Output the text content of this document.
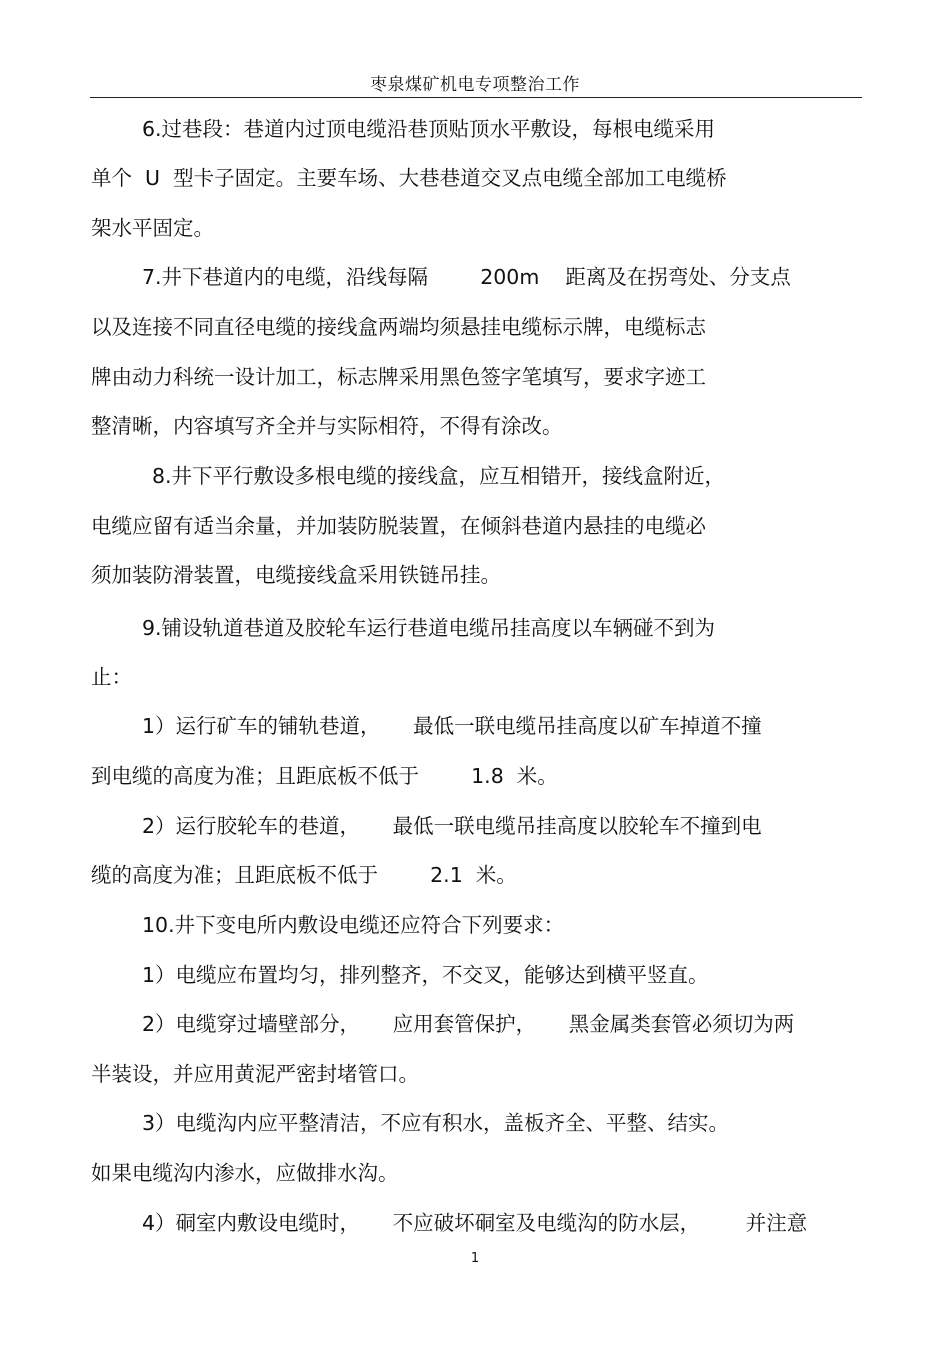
枣泉煤矿机电专项整治工作
6.过巷段：巷道内过顶电缆沿巷顶贴顶水平敷设，每根电缆采用
单个  U  型卡子固定。主要车场、大巷巷道交叉点电缆全部加工电缆桥
架水平固定。
7.井下巷道内的电缆，沿线每隔        200m    距离及在拐弯处、分支点
以及连接不同直径电缆的接线盒两端均须悬挂电缆标示牌，电缆标志
牌由动力科统一设计加工，标志牌采用黑色签字笔填写，要求字迹工
整清晰，内容填写齐全并与实际相符，不得有涂改。
8.井下平行敷设多根电缆的接线盒，应互相错开，接线盒附近，
电缆应留有适当余量，并加装防脱装置，在倾斜巷道内悬挂的电缆必
须加装防滑装置，电缆接线盒采用铁链吊挂。
9.铺设轨道巷道及胶轮车运行巷道电缆吊挂高度以车辆碰不到为
止：
1）运行矿车的铺轨巷道，     最低一联电缆吊挂高度以矿车掉道不撞
到电缆的高度为准；且距底板不低于        1.8  米。
2）运行胶轮车的巷道，     最低一联电缆吊挂高度以胶轮车不撞到电
缆的高度为准；且距底板不低于        2.1  米。
10.井下变电所内敷设电缆还应符合下列要求：
1）电缆应布置均匀，排列整齐，不交叉，能够达到横平竖直。
2）电缆穿过墙壁部分，     应用套管保护，     黑金属类套管必须切为两
半装设，并应用黄泥严密封堵管口。
3）电缆沟内应平整清洁，不应有积水，盖板齐全、平整、结实。
如果电缆沟内渗水，应做排水沟。
4）硐室内敷设电缆时，     不应破坏硐室及电缆沟的防水层，       并注意
1
